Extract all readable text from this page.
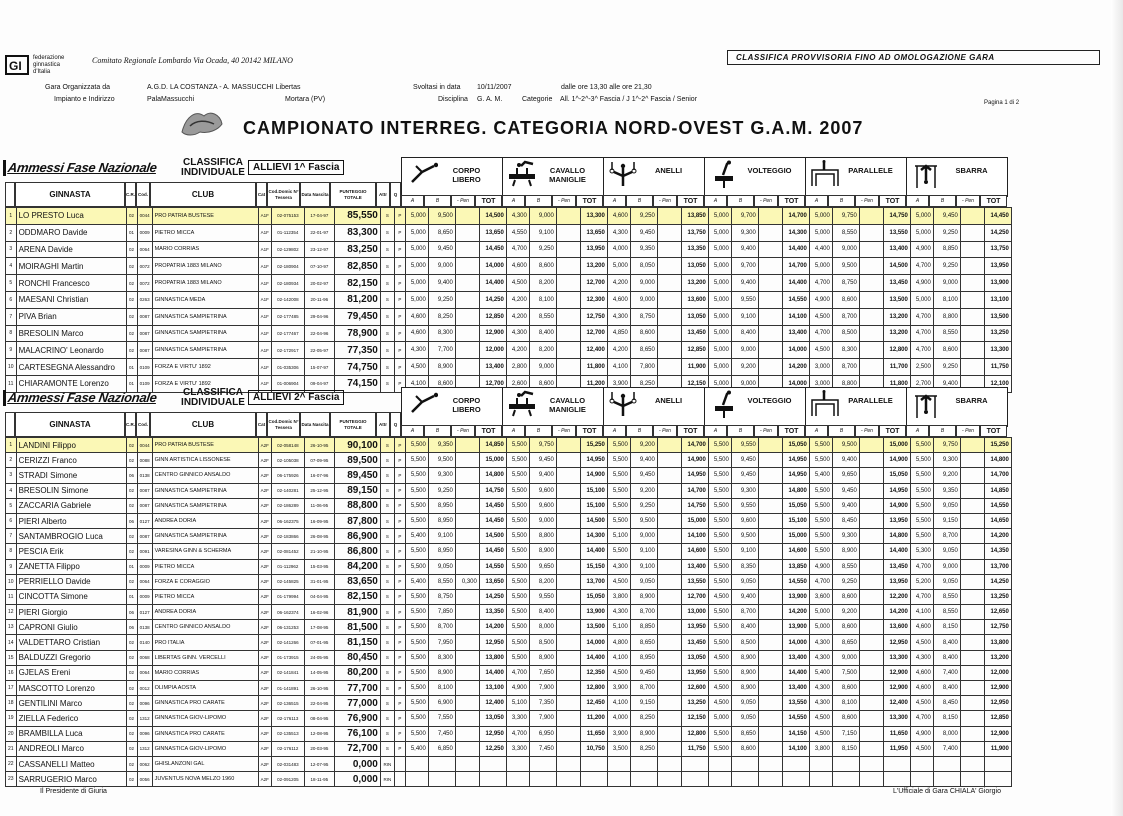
GI
federazione
ginnastica
d'Italia
Comitato Regionale Lombardo Via Ocada, 40 20142 MILANO	CLASSIFICA PROVVISORIA FINO AD OMOLOGAZIONE GARA
Gara Organizzata da	A.G.D. LA COSTANZA - A. MASSUCCHI Libertas
Impianto e Indirizzo	PalaMassucchi	Mortara (PV)
Svoltasi in data 10/11/2007	dalle ore 13,30 alle ore 21,30
Disciplina G. A. M.	Categorie All. 1^-2^-3^ Fascia / J 1^-2^ Fascia / Senior	Pagina 1 di 2
CAMPIONATO INTERREG. CATEGORIA NORD-OVEST G.A.M. 2007
Ammessi Fase Nazionale	CLASSIFICA INDIVIDUALE ALLIEVI 1^ Fascia
GINNASTA	C.R. Cod.	CLUB	Cat
Cod.Domic N° Tessera
Data Nascita
PUNTEGGIO TOTALE
Attr	Q
CORPO LIBERO
A	B	- Pen	TOT
CAVALLO MANIGLIE
A	B	- Pen	TOT
ANELLI
A	B	- Pen	TOT
VOLTEGGIO
A	B	- Pen	TOT
PARALLELE
A	B	- Pen	TOT
SBARRA
A	B	- Pen	TOT
1	LO PRESTO Luca	02	0044	PRO PATRIA BUSTESE	A1F	02-075153	17-04-97	85,550	S	P	5,000	9,500		14,500	4,300	9,000		13,300	4,600	9,250		13,850	5,000	9,700		14,700	5,000	9,750		14,750	5,000	9,450		14,450
2	ODDMARO Davide	01	0009	PIETRO MICCA	A1F	01-112354	22-01-97	83,300	S	P	5,000	8,650		13,650	4,550	9,100		13,650	4,300	9,450		13,750	5,000	9,300		14,300	5,000	8,550		13,550	5,000	9,250		14,250
3	ARENA Davide	02	0064	MARIO CORRIAS	A1F	02-129802	23-12-97	83,250	S	P	5,000	9,450		14,450	4,700	9,250		13,950	4,000	9,350		13,350	5,000	9,400		14,400	4,400	9,000		13,400	4,900	8,850		13,750
4	MOIRAGHI Martin	02	0072	PROPATRIA 1883 MILANO	A1F	02-180904	07-10-97	82,850	S	P	5,000	9,000		14,000	4,600	8,600		13,200	5,000	8,050		13,050	5,000	9,700		14,700	5,000	9,500		14,500	4,700	9,250		13,950
5	RONCHI Francesco	02	0072	PROPATRIA 1883 MILANO	A1F	02-180934	20-02-97	82,150	S	P	5,000	9,400		14,400	4,500	8,200		12,700	4,200	9,000		13,200	5,000	9,400		14,400	4,700	8,750		13,450	4,900	9,000		13,900
6	MAESANI Christian	02	0263	GINNASTICA MEDA	A1F	02-142008	20-11-96	81,200	S	P	5,000	9,250		14,250	4,200	8,100		12,300	4,600	9,000		13,600	5,000	9,550		14,550	4,900	8,600		13,500	5,000	8,100		13,100
7	PIVA Brian	02	0087	GINNASTICA SAMPIETRINA	A1F	02-177485	29-04-96	79,450	S	P	4,600	8,250		12,850	4,200	8,550		12,750	4,300	8,750		13,050	5,000	9,100		14,100	4,500	8,700		13,200	4,700	8,800		13,500
8	BRESOLIN Marco	02	0087	GINNASTICA SAMPIETRINA	A1F	02-177467	22-04-96	78,900	S	P	4,600	8,300		12,900	4,300	8,400		12,700	4,850	8,600		13,450	5,000	8,400		13,400	4,700	8,500		13,200	4,700	8,550		13,250
9	MALACRINO' Leonardo	02	0087	GINNASTICA SAMPIETRINA	A1F	02-172917	22-05-97	77,350	S	P	4,300	7,700		12,000	4,200	8,200		12,400	4,200	8,650		12,850	5,000	9,000		14,000	4,500	8,300		12,800	4,700	8,600		13,300
10	CARTESEGNA Alessandro	01	0109	FORZA E VIRTU' 1892	A1F	01-035306	15-07-97	74,750	S	P	4,500	8,900		13,400	2,800	9,000		11,800	4,100	7,800		11,900	5,000	9,200		14,200	3,000	8,700		11,700	2,500	9,250		11,750
11	CHIARAMONTE Lorenzo	01	0109	FORZA E VIRTU' 1892	A1F	01-006904	09-04-97	74,150	S	P	4,100	8,600		12,700	2,600	8,600		11,200	3,900	8,250		12,150	5,000	9,000		14,000	3,000	8,800		11,800	2,700	9,400		12,100
Ammessi Fase Nazionale	CLASSIFICA INDIVIDUALE ALLIEVI 2^ Fascia
GINNASTA	C.R. Cod.	CLUB	Cat
Cod.Domic N° Tessera
Data Nascita
PUNTEGGIO TOTALE
Attr	Q
CORPO LIBERO
A	B	- Pen	TOT
CAVALLO MANIGLIE
A	B	- Pen	TOT
ANELLI
A	B	- Pen	TOT
VOLTEGGIO
A	B	- Pen	TOT
PARALLELE
A	B	- Pen	TOT
SBARRA
A	B	- Pen	TOT
1	LANDINI Filippo	02	0044	PRO PATRIA BUSTESE	A2F	02-058148	26-10-95	90,100	S	P	5,500	9,350		14,850	5,500	9,750		15,250	5,500	9,200		14,700	5,500	9,550		15,050	5,500	9,500		15,000	5,500	9,750		15,250
2	CERIZZI Franco	02	0088	GINN ARTISTICA LISSONESE	A2F	02-105038	07-09-95	89,500	S	P	5,500	9,500		15,000	5,500	9,450		14,950	5,500	9,400		14,900	5,500	9,450		14,950	5,500	9,400		14,900	5,500	9,300		14,800
3	STRADI Simone	06	0138	CENTRO GINNICO ANSALDO	A2F	06-175926	16-07-96	89,450	S	P	5,500	9,300		14,800	5,500	9,400		14,900	5,500	9,450		14,950	5,500	9,450		14,950	5,400	9,650		15,050	5,500	9,200		14,700
4	BRESOLIN Simone	02	0087	GINNASTICA SAMPIETRINA	A2F	02-140281	25-12-95	89,150	S	P	5,500	9,250		14,750	5,500	9,600		15,100	5,500	9,200		14,700	5,500	9,300		14,800	5,500	9,450		14,950	5,500	9,350		14,850
5	ZACCARIA Gabriele	02	0087	GINNASTICA SAMPIETRINA	A2F	02-186289	11-06-95	88,800	S	P	5,500	8,950		14,450	5,500	9,600		15,100	5,500	9,250		14,750	5,500	9,550		15,050	5,500	9,400		14,900	5,500	9,050		14,550
6	PIERI Alberto	06	0127	ANDREA DORIA	A2F	06-162375	16-09-95	87,800	S	P	5,500	8,950		14,450	5,500	9,000		14,500	5,500	9,500		15,000	5,500	9,600		15,100	5,500	8,450		13,950	5,500	9,150		14,650
7	SANTAMBROGIO Luca	02	0087	GINNASTICA SAMPIETRINA	A2F	02-183866	26-08-95	86,900	S	P	5,400	9,100		14,500	5,500	8,800		14,300	5,100	9,000		14,100	5,500	9,500		15,000	5,500	9,300		14,800	5,500	8,700		14,200
8	PESCIA Erik	02	0091	VARESINA GINN & SCHERMA	A2F	02-081452	21-10-95	86,800	S	P	5,500	8,950		14,450	5,500	8,900		14,400	5,500	9,100		14,600	5,500	9,100		14,600	5,500	8,900		14,400	5,300	9,050		14,350
9	ZANETTA Filippo	01	0009	PIETRO MICCA	A2F	01-112962	15-03-95	84,200	S	P	5,500	9,050		14,550	5,500	9,650		15,150	4,300	9,100		13,400	5,500	8,350		13,850	4,900	8,550		13,450	4,700	9,000		13,700
10	PERRIELLO Davide	02	0064	FORZA E CORAGGIO	A2F	02-145825	31-01-95	83,650	S	P	5,400	8,550	0,300	13,650	5,500	8,200		13,700	4,500	9,050		13,550	5,500	9,050		14,550	4,700	9,250		13,950	5,200	9,050		14,250
11	CINCOTTA Simone	01	0009	PIETRO MICCA	A2F	01-179994	04-04-95	82,150	S	P	5,500	8,750		14,250	5,500	9,550		15,050	3,800	8,900		12,700	4,500	9,400		13,900	3,600	8,600		12,200	4,700	8,550		13,250
12	PIERI Giorgio	06	0127	ANDREA DORIA	A2F	06-162374	16-02-96	81,900	S	P	5,500	7,850		13,350	5,500	8,400		13,900	4,300	8,700		13,000	5,500	8,700		14,200	5,000	9,200		14,200	4,100	8,550		12,650
13	CAPRONI Giulio	06	0138	CENTRO GINNICO ANSALDO	A2F	06-131253	17-08-95	81,500	S	P	5,500	8,700		14,200	5,500	8,000		13,500	5,100	8,850		13,950	5,500	8,400		13,900	5,000	8,600		13,600	4,600	8,150		12,750
14	VALDETTARO Cristian	02	0140	PRO ITALIA	A2F	02-141266	07-01-95	81,150	S	P	5,500	7,950		12,950	5,500	8,500		14,000	4,800	8,650		13,450	5,500	8,500		14,000	4,300	8,650		12,950	4,500	8,400		13,800
15	BALDUZZI Gregorio	02	0068	LIBERTAS GINN. VERCELLI	A2F	01-173915	24-05-95	80,450	S	P	5,500	8,300		13,800	5,500	8,900		14,400	4,100	8,950		13,050	4,500	8,900		13,400	4,300	9,000		13,300	4,300	8,400		13,200
16	GJELAS Ereni	02	0064	MARIO CORRIAS	A2F	02-141841	14-05-95	80,200	S	P	5,500	8,900		14,400	4,700	7,650		12,350	4,500	9,450		13,950	5,500	8,900		14,400	5,400	7,500		12,900	4,600	7,400		12,000
17	MASCOTTO Lorenzo	02	0012	OLIMPIA AOSTA	A2F	01-141891	26-10-95	77,700	S	P	5,500	8,100		13,100	4,900	7,900		12,800	3,900	8,700		12,600	4,500	8,900		13,400	4,300	8,600		12,900	4,600	8,400		12,900
18	GENTILINI Marco	02	0096	GINNASTICA PRO CARATE	A2F	02-136515	22-04-95	77,000	S	P	5,500	6,900		12,400	5,100	7,350		12,450	4,100	9,150		13,250	4,500	9,050		13,550	4,300	8,100		12,400	4,500	8,450		12,950
19	ZIELLA Federico	02	1312	GINNASTICA GIOV-LIPOMO	A2F	02-176113	08-04-95	76,900	S	P	5,500	7,550		13,050	3,300	7,900		11,200	4,000	8,250		12,150	5,000	9,050		14,550	4,500	8,600		13,300	4,700	8,150		12,850
20	BRAMBILLA Luca	02	0096	GINNASTICA PRO CARATE	A2F	02-135513	12-08-95	76,100	S	P	5,500	7,450		12,950	4,700	6,950		11,650	3,900	8,900		12,800	5,500	8,650		14,150	4,500	7,150		11,650	4,900	8,000		12,900
21	ANDREOLI Marco	02	1312	GINNASTICA GIOV-LIPOMO	A2F	02-176112	20-03-95	72,700	S	P	5,400	6,850		12,250	3,300	7,450		10,750	3,500	8,250		11,750	5,500	8,600		14,100	3,800	8,150		11,950	4,500	7,400		11,900
22	CASSANELLI Matteo	02	0062	GHISLANZONI GAL	A2F	02-031483	12-07-95	0,000	RIN																									
23	SARRUGERIO Marco	02	0056	JUVENTUS NOVA MELZO 1960	A2F	02-091205	18-11-95	0,000	RIN																									
Il Presidente di Giuria	L'Ufficiale di Gara CHIALA' Giorgio
